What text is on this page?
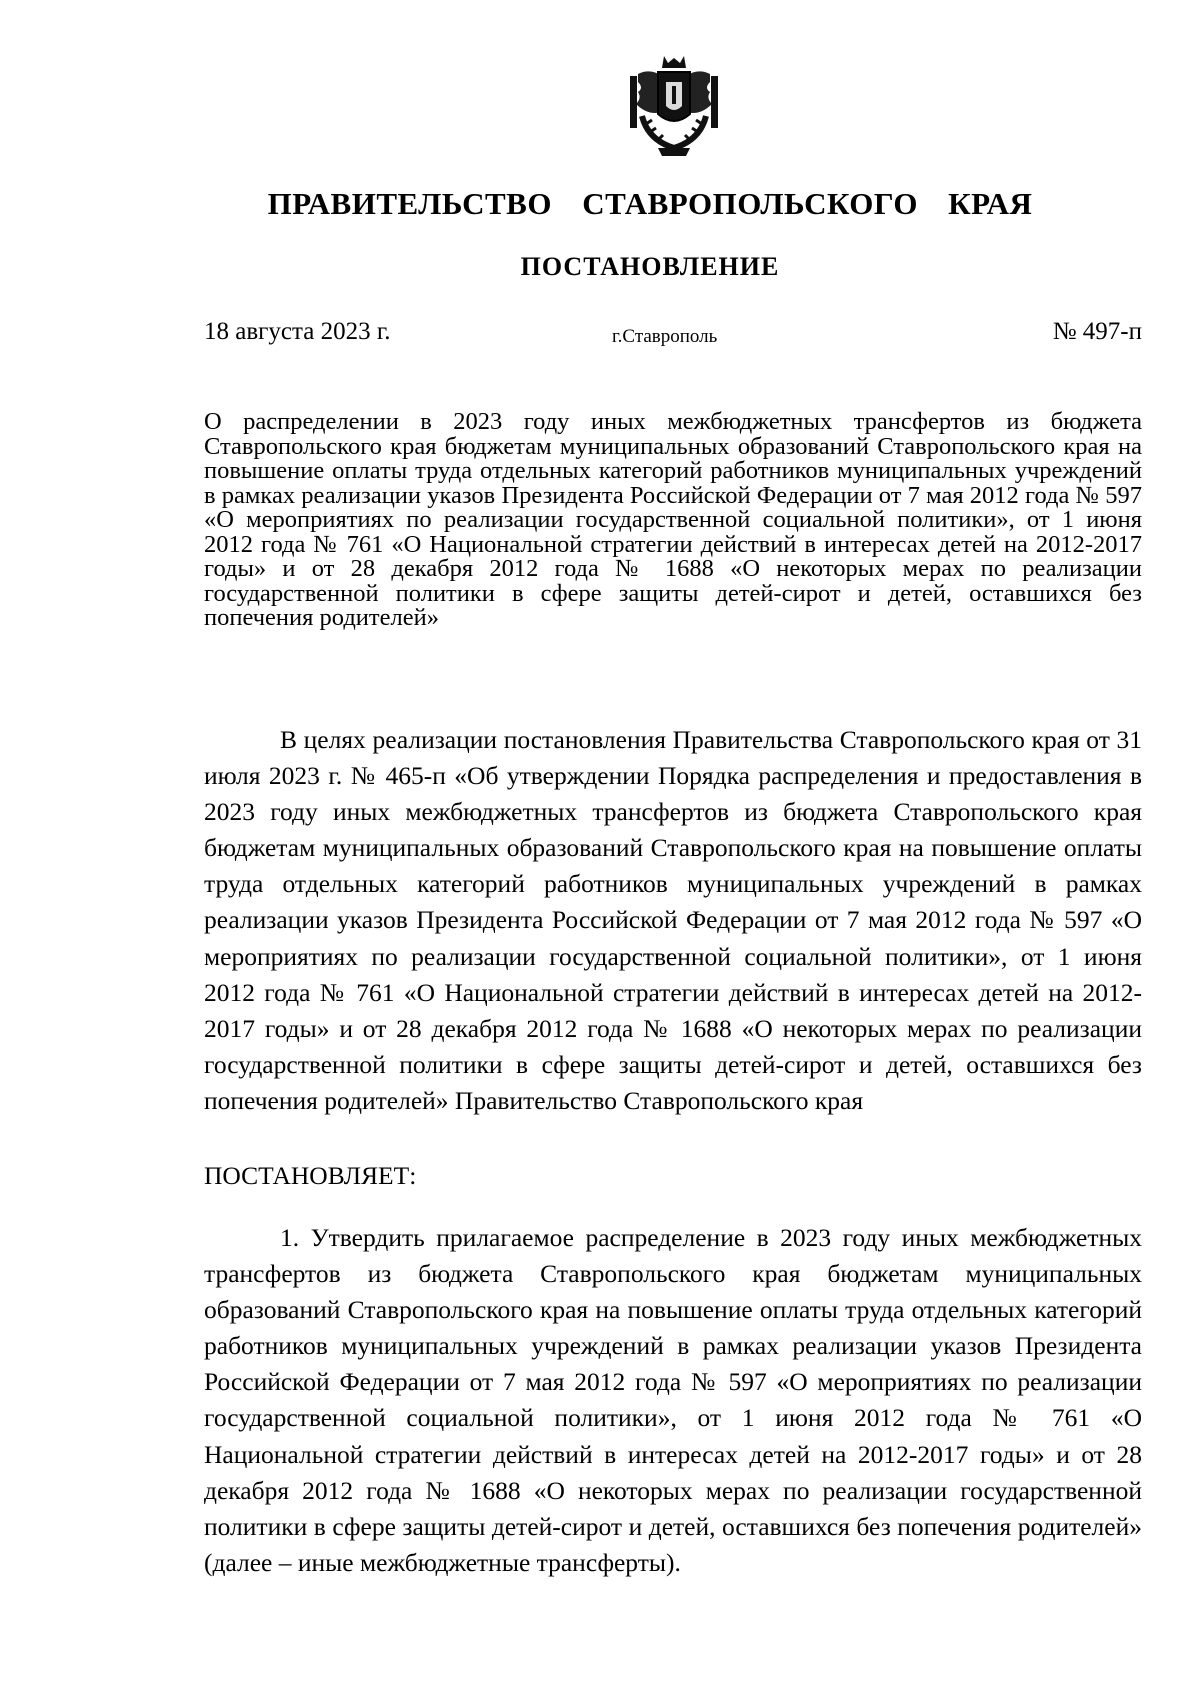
ПРАВИТЕЛЬСТВО СТАВРОПОЛЬСКОГО КРАЯ
ПОСТАНОВЛЕНИЕ

18 августа 2023 г.	г.Ставрополь	№ 497-п

О распределении в 2023 году иных межбюджетных трансфертов из бюджета Ставропольского края бюджетам муниципальных образований Ставропольского края на повышение оплаты труда отдельных категорий работников муниципальных учреждений в рамках реализации указов Президента Российской Федерации от 7 мая 2012 года № 597 «О мероприятиях по реализации государственной социальной политики», от 1 июня 2012 года № 761 «О Национальной стратегии действий в интересах детей на 2012-2017 годы» и от 28 декабря 2012 года № 1688 «О некоторых мерах по реализации государственной политики в сфере защиты детей-сирот и детей, оставшихся без попечения родителей»

В целях реализации постановления Правительства Ставропольского края от 31 июля 2023 г. № 465-п «Об утверждении Порядка распределения и предоставления в 2023 году иных межбюджетных трансфертов из бюджета Ставропольского края бюджетам муниципальных образований Ставропольского края на повышение оплаты труда отдельных категорий работников муниципальных учреждений в рамках реализации указов Президента Российской Федерации от 7 мая 2012 года № 597 «О мероприятиях по реализации государственной социальной политики», от 1 июня 2012 года № 761 «О Национальной стратегии действий в интересах детей на 2012-2017 годы» и от 28 декабря 2012 года № 1688 «О некоторых мерах по реализации государственной политики в сфере защиты детей-сирот и детей, оставшихся без попечения родителей» Правительство Ставропольского края

ПОСТАНОВЛЯЕТ:

1. Утвердить прилагаемое распределение в 2023 году иных межбюджетных трансфертов из бюджета Ставропольского края бюджетам муниципальных образований Ставропольского края на повышение оплаты труда отдельных категорий работников муниципальных учреждений в рамках реализации указов Президента Российской Федерации от 7 мая 2012 года № 597 «О мероприятиях по реализации государственной социальной политики», от 1 июня 2012 года № 761 «О Национальной стратегии действий в интересах детей на 2012-2017 годы» и от 28 декабря 2012 года № 1688 «О некоторых мерах по реализации государственной политики в сфере защиты детей-сирот и детей, оставшихся без попечения родителей» (далее – иные межбюджетные трансферты).
